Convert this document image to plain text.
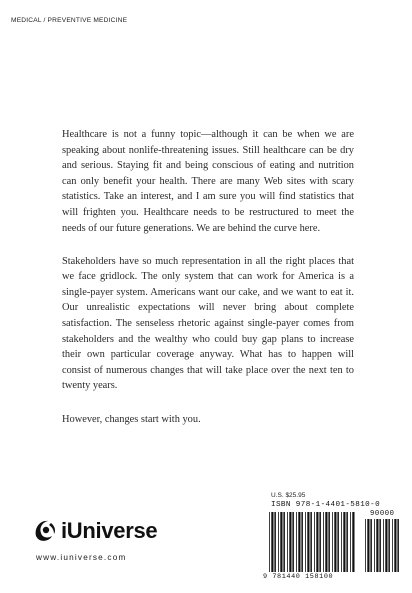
MEDICAL / PREVENTIVE MEDICINE

Healthcare is not a funny topic—although it can be when we are speaking about nonlife-threatening issues. Still healthcare can be dry and serious. Staying fit and being conscious of eating and nutrition can only benefit your health. There are many Web sites with scary statistics. Take an interest, and I am sure you will find statistics that will frighten you. Healthcare needs to be restructured to meet the needs of our future generations. We are behind the curve here.

Stakeholders have so much representation in all the right places that we face gridlock. The only system that can work for America is a single-payer system. Americans want our cake, and we want to eat it. Our unrealistic expectations will never bring about complete satisfaction. The senseless rhetoric against single-payer comes from stakeholders and the wealthy who could buy gap plans to increase their own particular coverage anyway. What has to happen will consist of numerous changes that will take place over the next ten to twenty years.

However, changes start with you.

U.S. $25.95
ISBN 978-1-4401-5810-0
90000
9 781440 158100
iUniverse
www.iuniverse.com
